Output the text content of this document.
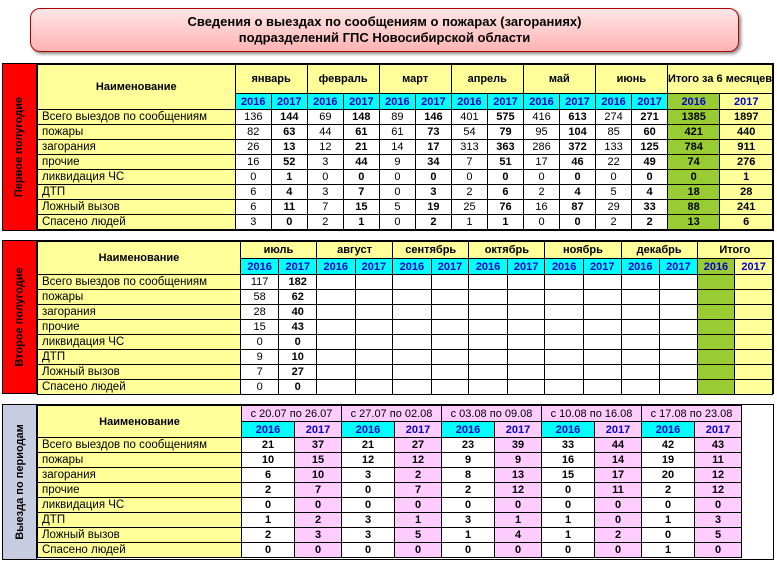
Сведения о выездах по сообщениям о пожарах (загораниях)
подразделений ГПС Новосибирской области
Первое полугодие
Наименование	январь		февраль		март		апрель		май		июнь		Итого за 6 месяцев	
	2016	2017	2016	2017	2016	2017	2016	2017	2016	2017	2016	2017	2016	2017
Всего выездов по сообщениям	136	144	69	148	89	146	401	575	416	613	274	271	1385	1897
пожары	82	63	44	61	61	73	54	79	95	104	85	60	421	440
загорания	26	13	12	21	14	17	313	363	286	372	133	125	784	911
прочие	16	52	3	44	9	34	7	51	17	46	22	49	74	276
ликвидация ЧС	0	1	0	0	0	0	0	0	0	0	0	0	0	1
ДТП	6	4	3	7	0	3	2	6	2	4	5	4	18	28
Ложный вызов	6	11	7	15	5	19	25	76	16	87	29	33	88	241
Спасено людей	3	0	2	1	0	2	1	1	0	0	2	2	13	6
Второе полугодие
Наименование	июль		август		сентябрь		октябрь		ноябрь		декабрь		Итого	
	2016	2017	2016	2017	2016	2017	2016	2017	2016	2017	2016	2017	2016	2017
Всего выездов по сообщениям	117	182												
пожары	58	62												
загорания	28	40												
прочие	15	43												
ликвидация ЧС	0	0												
ДТП	9	10												
Ложный вызов	7	27												
Спасено людей	0	0												
Выезда по периодам
Наименование	с 20.07 по 26.07		с 27.07 по 02.08		с 03.08 по 09.08		с 10.08 по 16.08		с 17.08 по 23.08	
	2016	2017	2016	2017	2016	2017	2016	2017	2016	2017
Всего выездов по сообщениям	21	37	21	27	23	39	33	44	42	43
пожары	10	15	12	12	9	9	16	14	19	11
загорания	6	10	3	2	8	13	15	17	20	12
прочие	2	7	0	7	2	12	0	11	2	12
ликвидация ЧС	0	0	0	0	0	0	0	0	0	0
ДТП	1	2	3	1	3	1	1	0	1	3
Ложный вызов	2	3	3	5	1	4	1	2	0	5
Спасено людей	0	0	0	0	0	0	0	0	1	0
